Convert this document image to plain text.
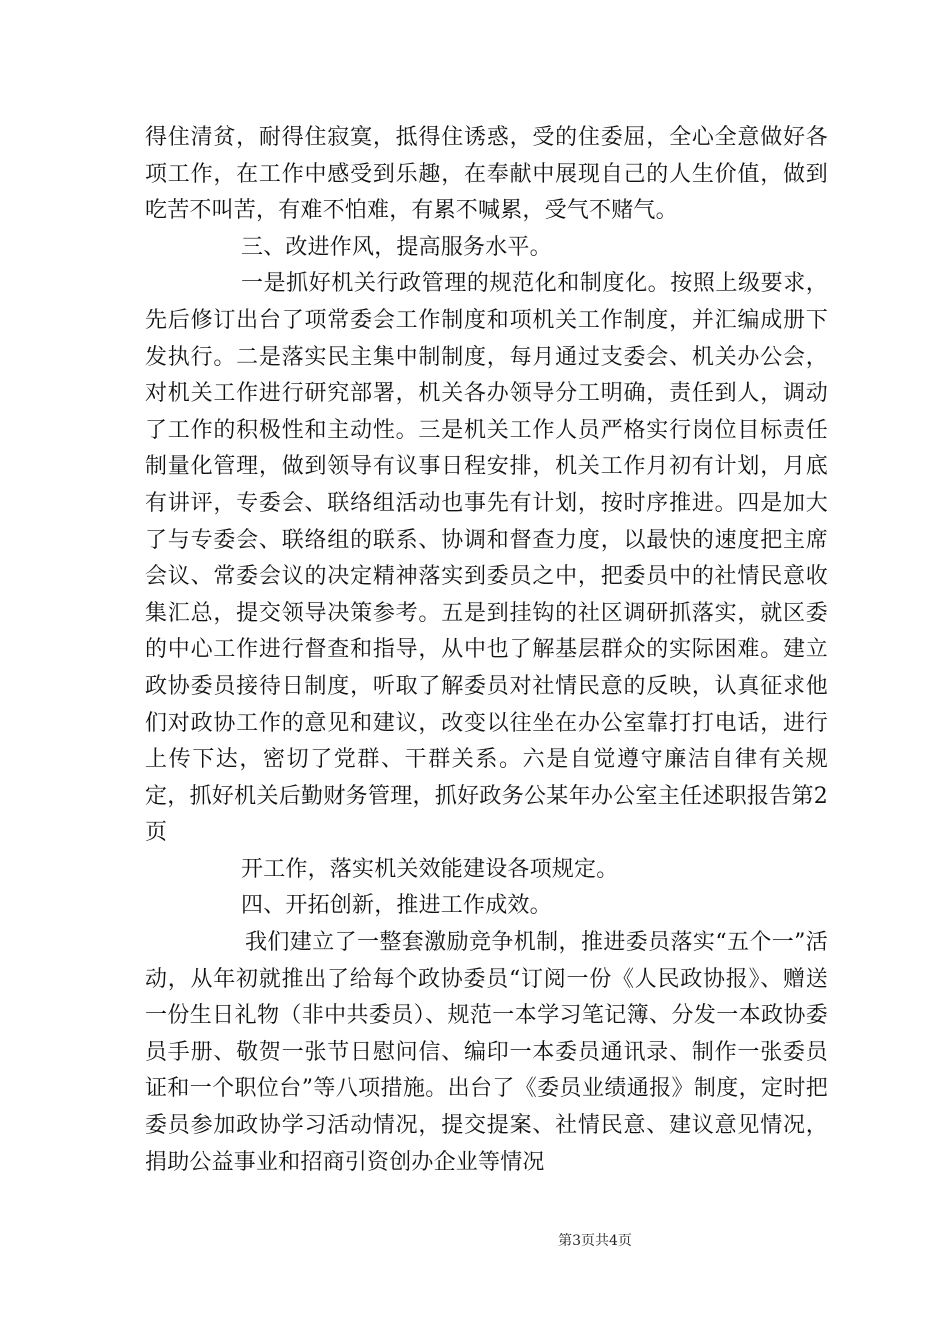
得住清贫，耐得住寂寞，抵得住诱惑，受的住委屈，全心全意做好各项工作，在工作中感受到乐趣，在奉献中展现自己的人生价值，做到吃苦不叫苦，有难不怕难，有累不喊累，受气不赌气。

三、改进作风，提高服务水平。

一是抓好机关行政管理的规范化和制度化。按照上级要求，先后修订出台了项常委会工作制度和项机关工作制度，并汇编成册下发执行。二是落实民主集中制制度，每月通过支委会、机关办公会，对机关工作进行研究部署，机关各办领导分工明确，责任到人，调动了工作的积极性和主动性。三是机关工作人员严格实行岗位目标责任制量化管理，做到领导有议事日程安排，机关工作月初有计划，月底有讲评，专委会、联络组活动也事先有计划，按时序推进。四是加大了与专委会、联络组的联系、协调和督查力度，以最快的速度把主席会议、常委会议的决定精神落实到委员之中，把委员中的社情民意收集汇总，提交领导决策参考。五是到挂钩的社区调研抓落实，就区委的中心工作进行督查和指导，从中也了解基层群众的实际困难。建立政协委员接待日制度，听取了解委员对社情民意的反映，认真征求他们对政协工作的意见和建议，改变以往坐在办公室靠打打电话，进行上传下达，密切了党群、干群关系。六是自觉遵守廉洁自律有关规定，抓好机关后勤财务管理，抓好政务公某年办公室主任述职报告第2页

开工作，落实机关效能建设各项规定。

四、开拓创新，推进工作成效。

我们建立了一整套激励竞争机制，推进委员落实“五个一”活动，从年初就推出了给每个政协委员“订阅一份《人民政协报》、赠送一份生日礼物（非中共委员）、规范一本学习笔记簿、分发一本政协委员手册、敬贺一张节日慰问信、编印一本委员通讯录、制作一张委员证和一个职位台”等八项措施。出台了《委员业绩通报》制度，定时把委员参加政协学习活动情况，提交提案、社情民意、建议意见情况，捐助公益事业和招商引资创办企业等情况

第3页共4页
